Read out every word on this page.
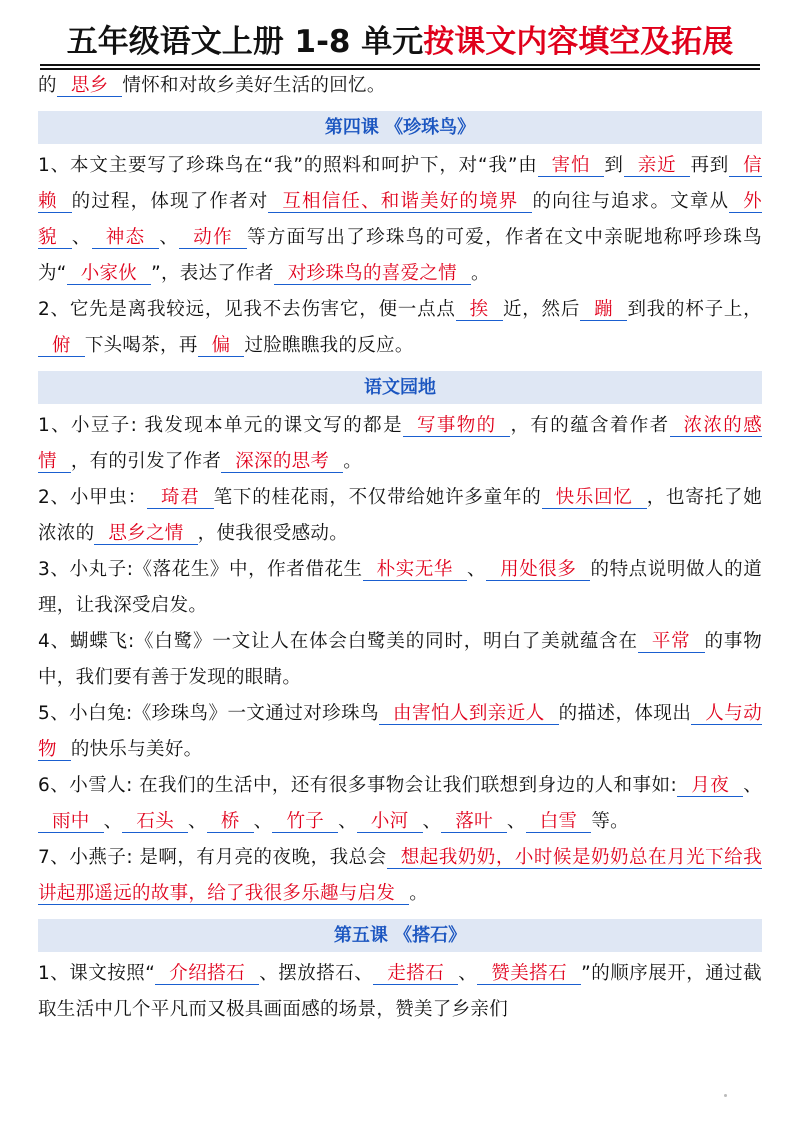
五年级语文上册 1-8 单元按课文内容填空及拓展

的 思乡 情怀和对故乡美好生活的回忆。

第四课 《珍珠鸟》

1、本文主要写了珍珠鸟在“我”的照料和呵护下，对“我”由 害怕 到 亲近 再到 信赖 的过程，体现了作者对 互相信任、和谐美好的境界 的向往与追求。文章从 外貌 、 神态 、 动作 等方面写出了珍珠鸟的可爱，作者在文中亲昵地称呼珍珠鸟为“ 小家伙 ”，表达了作者 对珍珠鸟的喜爱之情 。

2、它先是离我较远，见我不去伤害它，便一点点 挨 近，然后 蹦 到我的杯子上，俯 下头喝茶，再 偏 过脸瞧瞧我的反应。

语文园地

1、小豆子: 我发现本单元的课文写的都是 写事物的 ，有的蕴含着作者 浓浓的感情 ，有的引发了作者 深深的思考 。

2、小甲虫： 琦君 笔下的桂花雨，不仅带给她许多童年的 快乐回忆 ，也寄托了她浓浓的 思乡之情 ，使我很受感动。

3、小丸子:《落花生》中，作者借花生 朴实无华 、 用处很多 的特点说明做人的道理，让我深受启发。

4、蝴蝶飞:《白鹭》一文让人在体会白鹭美的同时，明白了美就蕴含在 平常 的事物中，我们要有善于发现的眼睛。

5、小白兔:《珍珠鸟》一文通过对珍珠鸟 由害怕人到亲近人 的描述，体现出 人与动物 的快乐与美好。

6、小雪人: 在我们的生活中，还有很多事物会让我们联想到身边的人和事如: 月夜 、雨中 、 石头 、 桥 、 竹子 、 小河 、 落叶 、 白雪 等。

7、小燕子: 是啊，有月亮的夜晚，我总会 想起我奶奶，小时候是奶奶总在月光下给我讲起那遥远的故事，给了我很多乐趣与启发 。

第五课 《搭石》

1、课文按照“ 介绍搭石 、摆放搭石、 走搭石 、 赞美搭石 ”的顺序展开，通过截取生活中几个平凡而又极具画面感的场景，赞美了乡亲们
